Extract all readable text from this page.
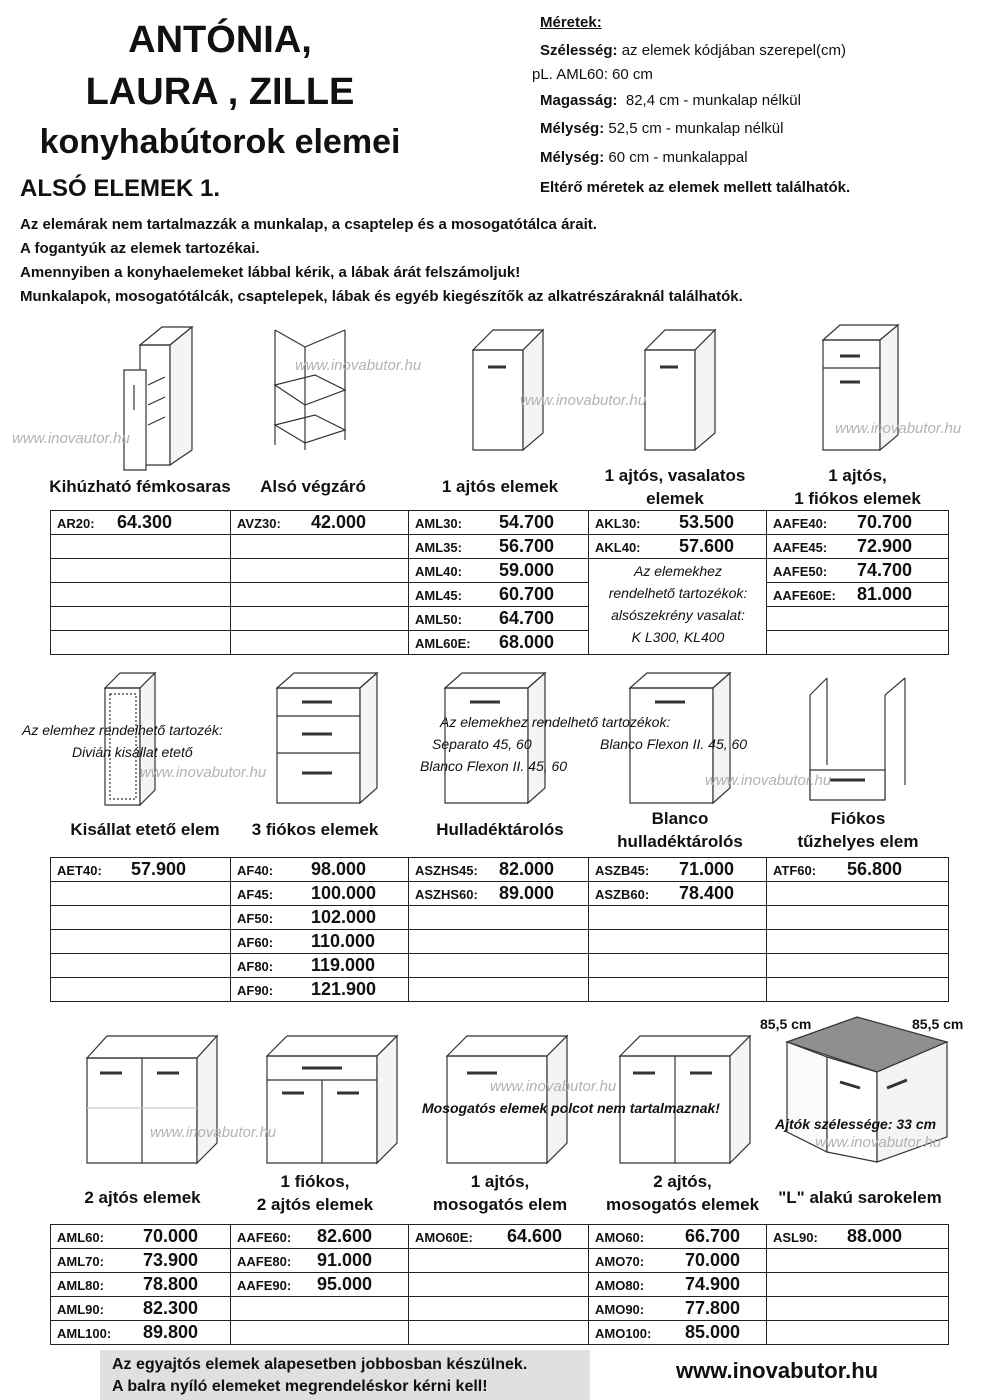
ANTÓNIA,
LAURA , ZILLE
konyhabútorok elemei
ALSÓ ELEMEK 1.
Méretek:
Szélesség: az elemek kódjában szerepel(cm)
pL. AML60: 60 cm
Magasság: 82,4 cm - munkalap nélkül
Mélység: 52,5 cm - munkalap nélkül
Mélység: 60 cm - munkalappal
Eltérő méretek az elemek mellett találhatók.
Az elemárak nem tartalmazzák a munkalap, a csaptelep és a mosogatótálca árait.
A fogantyúk az elemek tartozékai.
Amennyiben a konyhaelemeket lábbal kérik, a lábak árát felszámoljuk!
Munkalapok, mosogatótálcák, csaptelepek, lábak és egyéb kiegészítők az alkatrészáraknál találhatók.
www.inovautor.hu
www.inovabutor.hu
www.inovabutor.hu
www.inovabutor.hu
Kihúzható fémkosaras	Alsó végzáró	1 ajtós elemek
1 ajtós, vasalatos
elemek
1 ajtós,
1 fiókos elemek
AR20: 64.300	AVZ30: 42.000	AML30: 54.700	AKL30: 53.500	AAFE40: 70.700
		AML35: 56.700	AKL40: 57.600	AAFE45: 72.900
		AML40: 59.000		AAFE50: 74.700
		AML45: 60.700		AAFE60E: 81.000
		AML50: 64.700		
		AML60E: 68.000		
Az elemekhez
rendelhető tartozékok:
alsószekrény vasalat:
K L300, KL400
Az elemhez rendelhető tartozék:
Divián kisállat etető
Az elemekhez rendelhető tartozékok:
Separato 45, 60
Blanco Flexon II. 45, 60
Blanco Flexon II. 45, 60
www.inovabutor.hu	www.inovabutor.hu
Kisállat etető elem	3 fiókos elemek	Hulladéktárolós
Blanco
hulladéktárolós
Fiókos
tűzhelyes elem
AET40: 57.900	AF40: 98.000	ASZHS45: 82.000	ASZB45: 71.000	ATF60: 56.800
	AF45: 100.000	ASZHS60: 89.000	ASZB60: 78.400	
	AF50: 102.000			
	AF60: 110.000			
	AF80: 119.000			
	AF90: 121.900			
85,5 cm	85,5 cm
www.inovabutor.hu
Mosogatós elemek polcot nem tartalmaznak!
Ajtók szélessége: 33 cm
www.inovabutor.hu
www.inovabutor.hu
2 ajtós elemek
1 fiókos,
2 ajtós elemek
1 ajtós,
mosogatós elem
2 ajtós,
mosogatós elemek	"L" alakú sarokelem
AML60: 70.000	AAFE60: 82.600	AMO60E: 64.600	AMO60: 66.700	ASL90: 88.000
AML70: 73.900	AAFE80: 91.000		AMO70: 70.000	
AML80: 78.800	AAFE90: 95.000		AMO80: 74.900	
AML90: 82.300			AMO90: 77.800	
AML100: 89.800			AMO100: 85.000	
Az egyajtós elemek alapesetben jobbosban készülnek.
A balra nyíló elemeket megrendeléskor kérni kell!
www.inovabutor.hu
